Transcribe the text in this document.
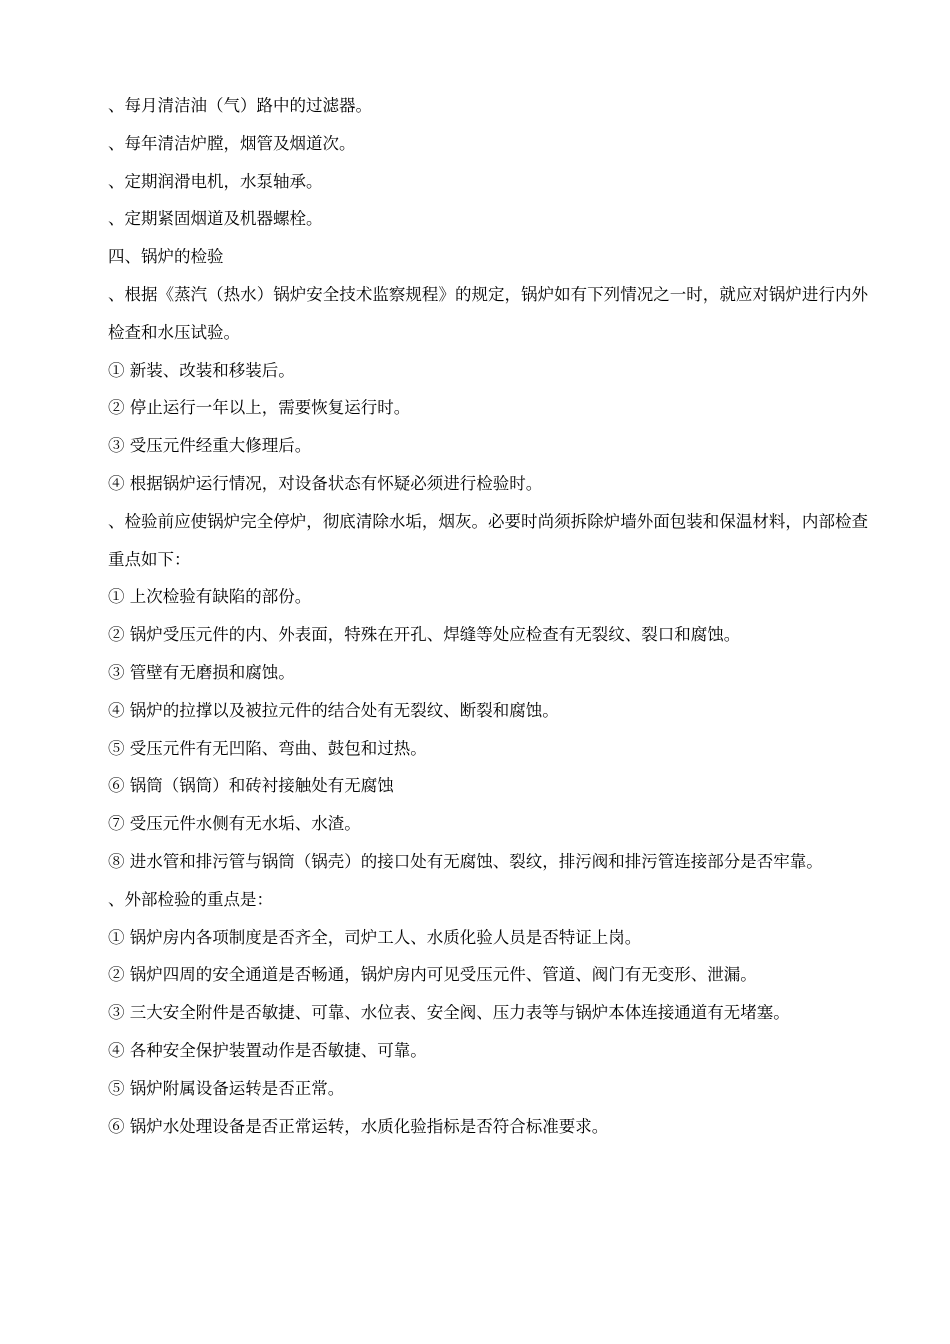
、每月清洁油（气）路中的过滤器。

、每年清洁炉膛，烟管及烟道次。

、定期润滑电机，水泵轴承。

、定期紧固烟道及机器螺栓。

四、锅炉的检验

、根据《蒸汽（热水）锅炉安全技术监察规程》的规定，锅炉如有下列情况之一时，就应对锅炉进行内外检查和水压试验。

① 新装、改装和移装后。

② 停止运行一年以上，需要恢复运行时。

③ 受压元件经重大修理后。

④ 根据锅炉运行情况，对设备状态有怀疑必须进行检验时。

、检验前应使锅炉完全停炉，彻底清除水垢，烟灰。必要时尚须拆除炉墙外面包装和保温材料，内部检查重点如下：

① 上次检验有缺陷的部份。

② 锅炉受压元件的内、外表面，特殊在开孔、焊缝等处应检查有无裂纹、裂口和腐蚀。

③ 管壁有无磨损和腐蚀。

④ 锅炉的拉撑以及被拉元件的结合处有无裂纹、断裂和腐蚀。

⑤ 受压元件有无凹陷、弯曲、鼓包和过热。

⑥ 锅筒（锅筒）和砖衬接触处有无腐蚀

⑦ 受压元件水侧有无水垢、水渣。

⑧ 进水管和排污管与锅筒（锅壳）的接口处有无腐蚀、裂纹，排污阀和排污管连接部分是否牢靠。

、外部检验的重点是：

① 锅炉房内各项制度是否齐全，司炉工人、水质化验人员是否特证上岗。

② 锅炉四周的安全通道是否畅通，锅炉房内可见受压元件、管道、阀门有无变形、泄漏。

③ 三大安全附件是否敏捷、可靠、水位表、安全阀、压力表等与锅炉本体连接通道有无堵塞。

④ 各种安全保护装置动作是否敏捷、可靠。

⑤ 锅炉附属设备运转是否正常。

⑥ 锅炉水处理设备是否正常运转，水质化验指标是否符合标准要求。
